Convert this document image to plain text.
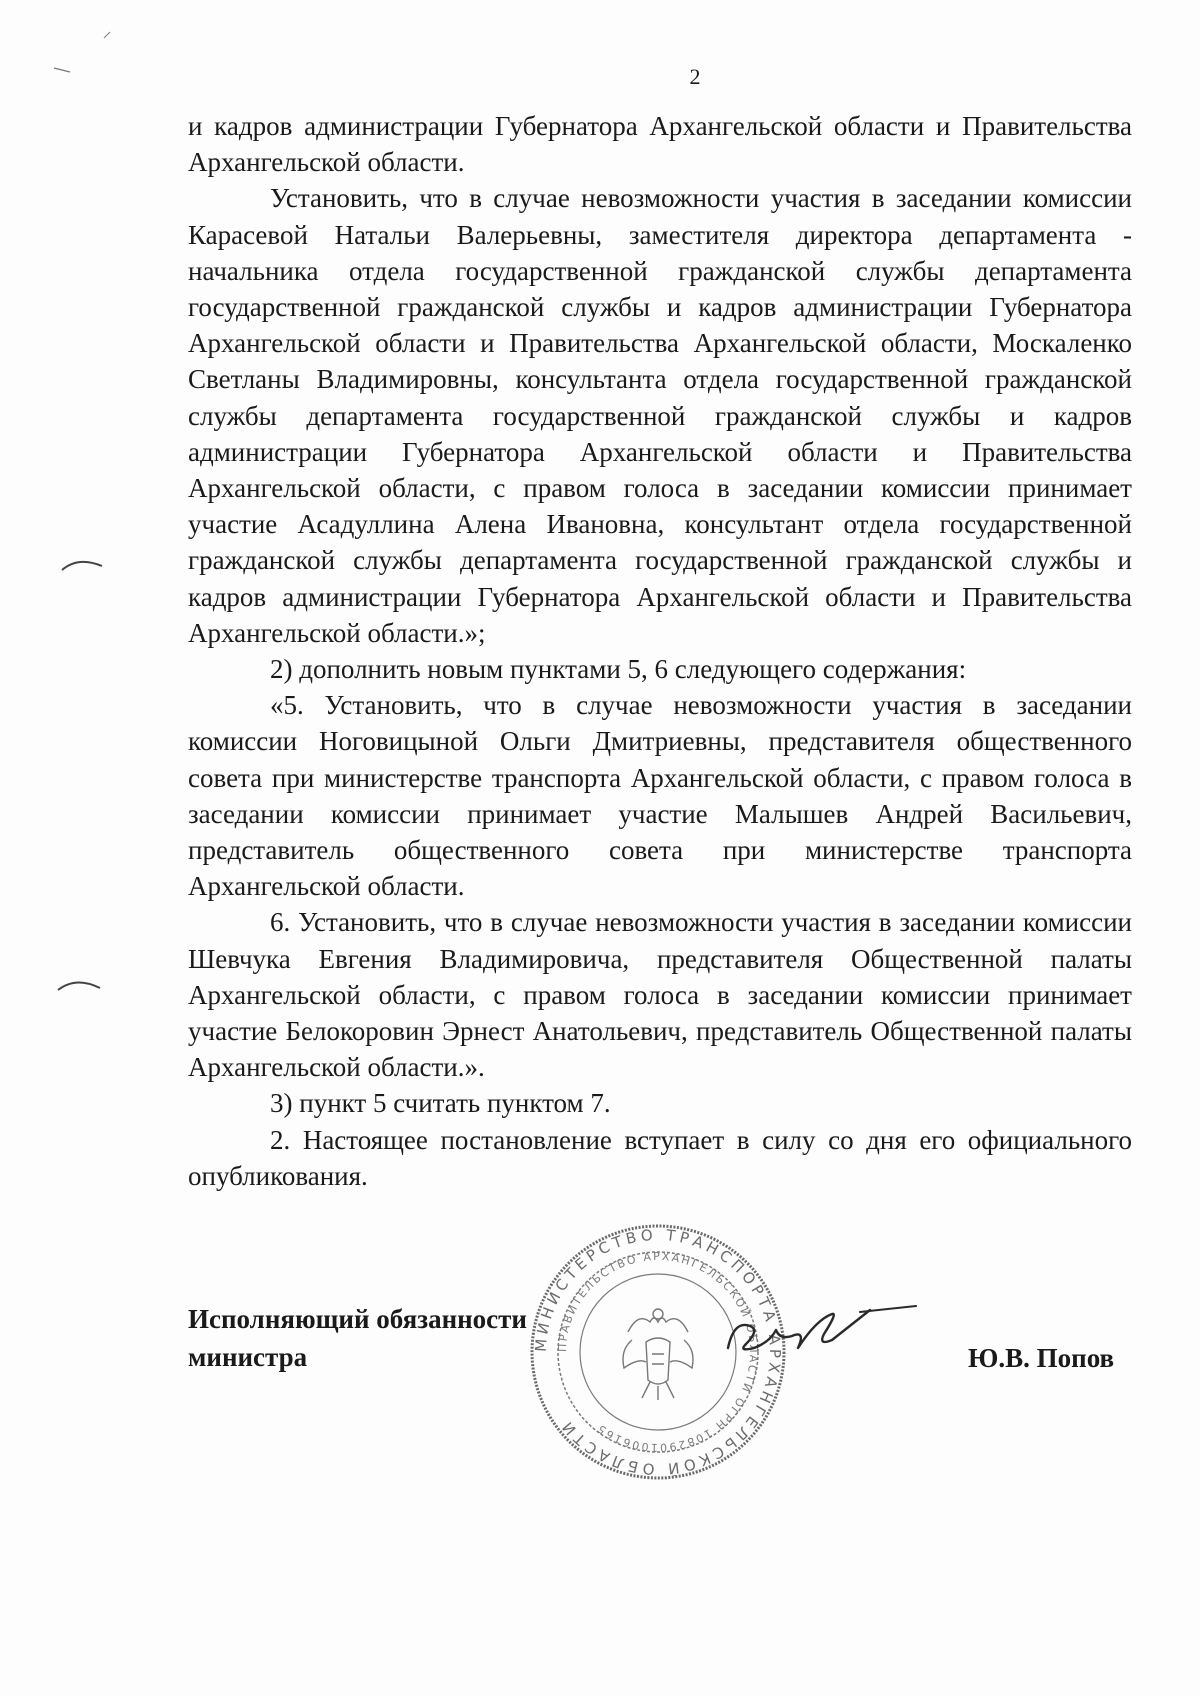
2

и кадров администрации Губернатора Архангельской области и Правительства Архангельской области.

Установить, что в случае невозможности участия в заседании комиссии Карасевой Натальи Валерьевны, заместителя директора департамента - начальника отдела государственной гражданской службы департамента государственной гражданской службы и кадров администрации Губернатора Архангельской области и Правительства Архангельской области, Москаленко Светланы Владимировны, консультанта отдела государственной гражданской службы департамента государственной гражданской службы и кадров администрации Губернатора Архангельской области и Правительства Архангельской области, с правом голоса в заседании комиссии принимает участие Асадуллина Алена Ивановна, консультант отдела государственной гражданской службы департамента государственной гражданской службы и кадров администрации Губернатора Архангельской области и Правительства Архангельской области.»;

2) дополнить новым пунктами 5, 6 следующего содержания:

«5. Установить, что в случае невозможности участия в заседании комиссии Ноговицыной Ольги Дмитриевны, представителя общественного совета при министерстве транспорта Архангельской области, с правом голоса в заседании комиссии принимает участие Малышев Андрей Васильевич, представитель общественного совета при министерстве транспорта Архангельской области.

6. Установить, что в случае невозможности участия в заседании комиссии Шевчука Евгения Владимировича, представителя Общественной палаты Архангельской области, с правом голоса в заседании комиссии принимает участие Белокоровин Эрнест Анатольевич, представитель Общественной палаты Архангельской области.».

3) пункт 5 считать пунктом 7.

2. Настоящее постановление вступает в силу со дня его официального опубликования.

МИНИСТЕРСТВО ТРАНСПОРТА АРХАНГЕЛЬСКОЙ ОБЛАСТИ
ПРАВИТЕЛЬСТВО АРХАНГЕЛЬСКОЙ ОБЛАСТИ ОГРН 1082901006165
Исполняющий обязанности
министра	Ю.В. Попов
